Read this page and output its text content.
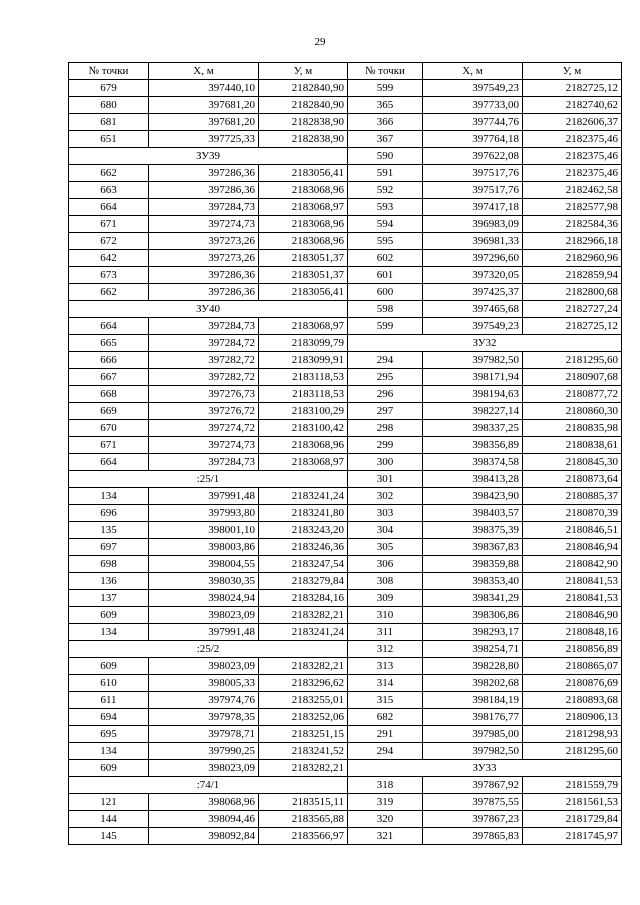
29
№ точки	Х, м	У, м	№ точки	Х, м	У, м
679	397440,10	2182840,90	599	397549,23	2182725,12
680	397681,20	2182840,90	365	397733,00	2182740,62
681	397681,20	2182838,90	366	397744,76	2182606,37
651	397725,33	2182838,90	367	397764,18	2182375,46
ЗУ39			590	397622,08	2182375,46
662	397286,36	2183056,41	591	397517,76	2182375,46
663	397286,36	2183068,96	592	397517,76	2182462,58
664	397284,73	2183068,97	593	397417,18	2182577,98
671	397274,73	2183068,96	594	396983,09	2182584,36
672	397273,26	2183068,96	595	396981,33	2182966,18
642	397273,26	2183051,37	602	397296,60	2182960,96
673	397286,36	2183051,37	601	397320,05	2182859,94
662	397286,36	2183056,41	600	397425,37	2182800,68
ЗУ40			598	397465,68	2182727,24
664	397284,73	2183068,97	599	397549,23	2182725,12
665	397284,72	2183099,79	ЗУ32		
666	397282,72	2183099,91	294	397982,50	2181295,60
667	397282,72	2183118,53	295	398171,94	2180907,68
668	397276,73	2183118,53	296	398194,63	2180877,72
669	397276,72	2183100,29	297	398227,14	2180860,30
670	397274,72	2183100,42	298	398337,25	2180835,98
671	397274,73	2183068,96	299	398356,89	2180838,61
664	397284,73	2183068,97	300	398374,58	2180845,30
:25/1			301	398413,28	2180873,64
134	397991,48	2183241,24	302	398423,90	2180885,37
696	397993,80	2183241,80	303	398403,57	2180870,39
135	398001,10	2183243,20	304	398375,39	2180846,51
697	398003,86	2183246,36	305	398367,83	2180846,94
698	398004,55	2183247,54	306	398359,88	2180842,90
136	398030,35	2183279,84	308	398353,40	2180841,53
137	398024,94	2183284,16	309	398341,29	2180841,53
609	398023,09	2183282,21	310	398306,86	2180846,90
134	397991,48	2183241,24	311	398293,17	2180848,16
:25/2			312	398254,71	2180856,89
609	398023,09	2183282,21	313	398228,80	2180865,07
610	398005,33	2183296,62	314	398202,68	2180876,69
611	397974,76	2183255,01	315	398184,19	2180893,68
694	397978,35	2183252,06	682	398176,77	2180906,13
695	397978,71	2183251,15	291	397985,00	2181298,93
134	397990,25	2183241,52	294	397982,50	2181295,60
609	398023,09	2183282,21	ЗУ33		
:74/1			318	397867,92	2181559,79
121	398068,96	2183515,11	319	397875,55	2181561,53
144	398094,46	2183565,88	320	397867,23	2181729,84
145	398092,84	2183566,97	321	397865,83	2181745,97
